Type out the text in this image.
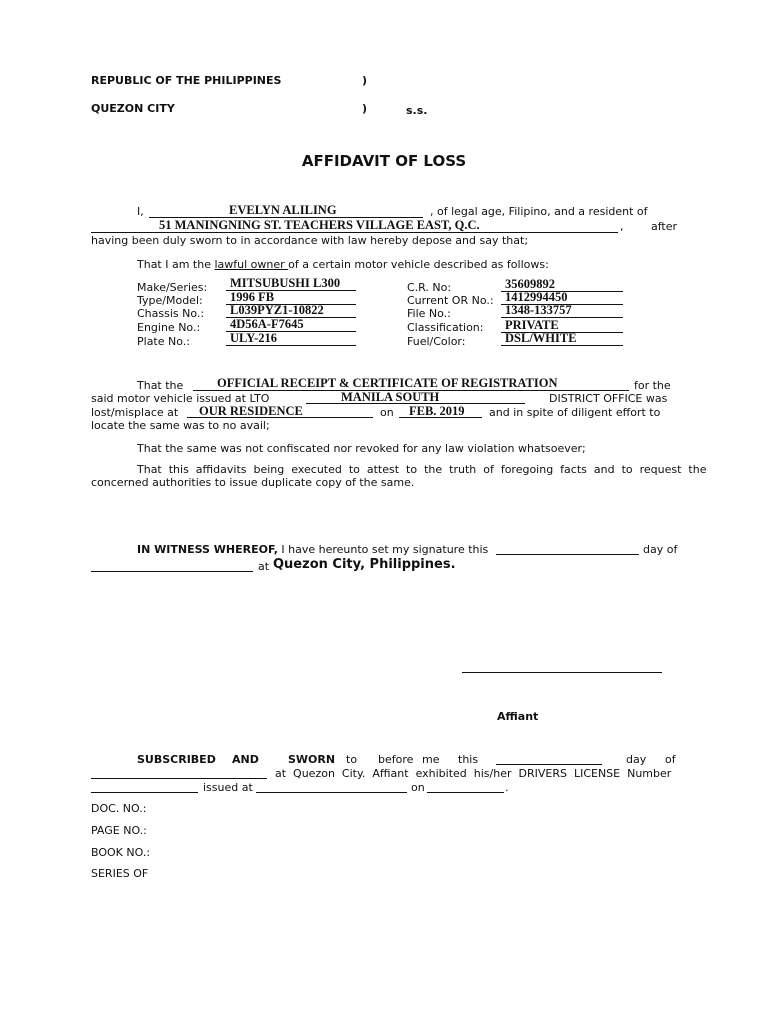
REPUBLIC OF THE PHILIPPINES	)
QUEZON CITY	)	s.s.
AFFIDAVIT OF LOSS
I,	EVELYN ALILING	, of legal age, Filipino, and a resident of
51 MANINGNING ST. TEACHERS VILLAGE EAST, Q.C.	,	after
having been duly sworn to in accordance with law hereby depose and say that;
That I am the lawful owner of a certain motor vehicle described as follows:
Make/Series:	MITSUBUSHI L300
Type/Model:	1996 FB
Chassis No.:	L039PYZ1-10822
Engine No.:	4D56A-F7645
Plate No.:	ULY-216
C.R. No:	35609892
Current OR No.: 1412994450
File No.:	1348-133757
Classification:	PRIVATE
Fuel/Color:	DSL/WHITE
That the	OFFICIAL RECEIPT & CERTIFICATE OF REGISTRATION	for the
said motor vehicle issued at LTO	MANILA SOUTH	DISTRICT OFFICE was
lost/misplace at OUR RESIDENCE	on FEB. 2019 and in spite of diligent effort to
locate the same was to no avail;
That the same was not confiscated nor revoked for any law violation whatsoever;
That  this  affidavits  being  executed  to  attest  to  the  truth  of  foregoing  facts  and  to  request  the
concerned authorities to issue duplicate copy of the same.
IN WITNESS WHEREOF, I have hereunto set my signature this	day of
at Quezon City, Philippines.
Affiant
SUBSCRIBED AND	SWORN to before me this	day of
at  Quezon  City.  Affiant  exhibited  his/her  DRIVERS  LICENSE  Number
issued at	on	.
DOC. NO.:
PAGE NO.:
BOOK NO.:
SERIES OF
